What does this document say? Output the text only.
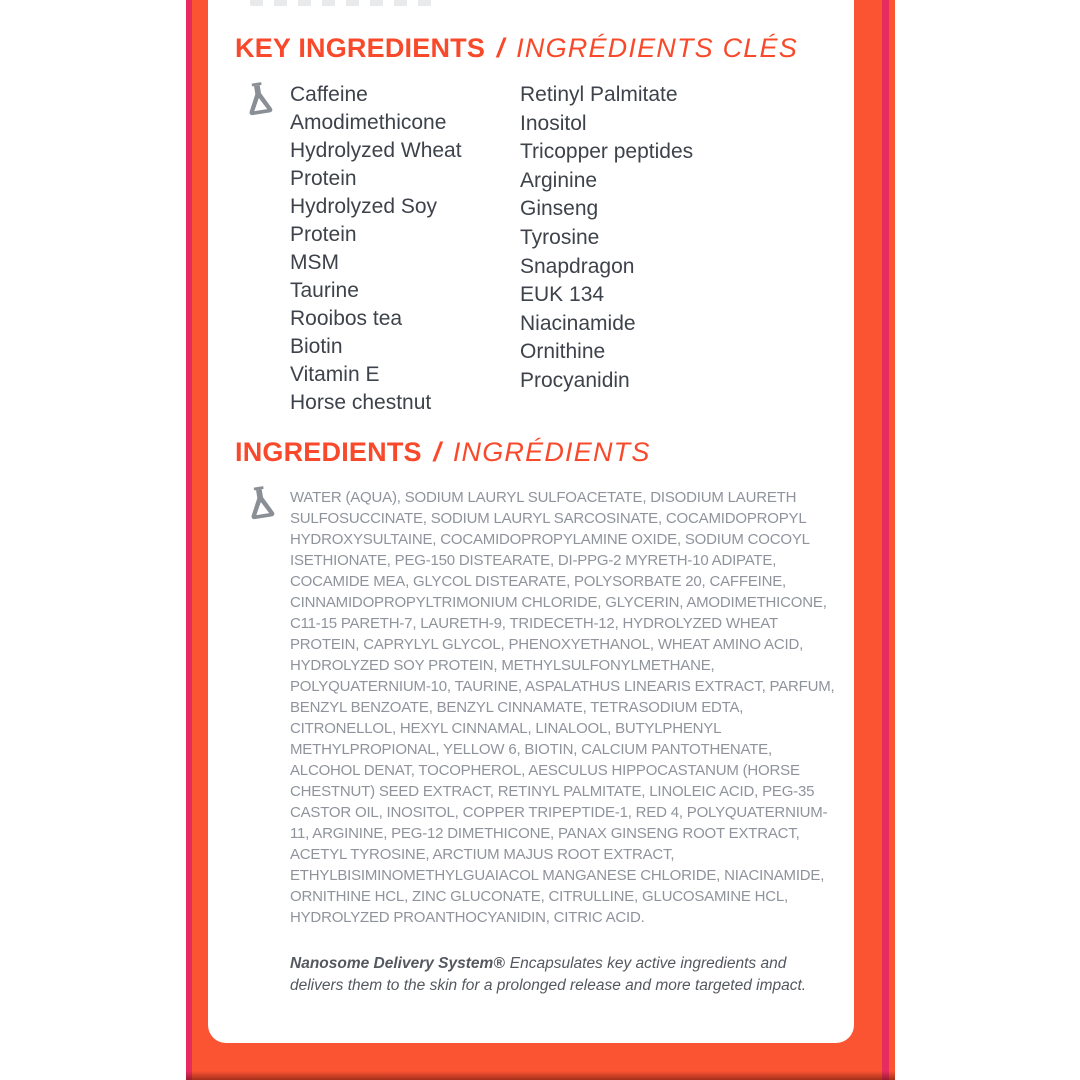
KEY INGREDIENTS / INGRÉDIENTS CLÉS
Caffeine
Amodimethicone
Hydrolyzed Wheat Protein
Hydrolyzed Soy Protein
MSM
Taurine
Rooibos tea
Biotin
Vitamin E
Horse chestnut
Retinyl Palmitate
Inositol
Tricopper peptides
Arginine
Ginseng
Tyrosine
Snapdragon
EUK 134
Niacinamide
Ornithine
Procyanidin
INGREDIENTS / INGRÉDIENTS
WATER (AQUA), SODIUM LAURYL SULFOACETATE, DISODIUM LAURETH SULFOSUCCINATE, SODIUM LAURYL SARCOSINATE, COCAMIDOPROPYL HYDROXYSULTAINE, COCAMIDOPROPYLAMINE OXIDE, SODIUM COCOYL ISETHIONATE, PEG-150 DISTEARATE, DI-PPG-2 MYRETH-10 ADIPATE, COCAMIDE MEA, GLYCOL DISTEARATE, POLYSORBATE 20, CAFFEINE, CINNAMIDOPROPYLTRIMONIUM CHLORIDE, GLYCERIN, AMODIMETHICONE, C11-15 PARETH-7, LAURETH-9, TRIDECETH-12, HYDROLYZED WHEAT PROTEIN, CAPRYLYL GLYCOL, PHENOXYETHANOL, WHEAT AMINO ACID, HYDROLYZED SOY PROTEIN, METHYLSULFONYLMETHANE, POLYQUATERNIUM-10, TAURINE, ASPALATHUS LINEARIS EXTRACT, PARFUM, BENZYL BENZOATE, BENZYL CINNAMATE, TETRASODIUM EDTA, CITRONELLOL, HEXYL CINNAMAL, LINALOOL, BUTYLPHENYL METHYLPROPIONAL, YELLOW 6, BIOTIN, CALCIUM PANTOTHENATE, ALCOHOL DENAT, TOCOPHEROL, AESCULUS HIPPOCASTANUM (HORSE CHESTNUT) SEED EXTRACT, RETINYL PALMITATE, LINOLEIC ACID, PEG-35 CASTOR OIL, INOSITOL, COPPER TRIPEPTIDE-1, RED 4, POLYQUATERNIUM-11, ARGININE, PEG-12 DIMETHICONE, PANAX GINSENG ROOT EXTRACT, ACETYL TYROSINE, ARCTIUM MAJUS ROOT EXTRACT, ETHYLBISIMINOMETHYLGUAIACOL MANGANESE CHLORIDE, NIACINAMIDE, ORNITHINE HCL, ZINC GLUCONATE, CITRULLINE, GLUCOSAMINE HCL, HYDROLYZED PROANTHOCYANIDIN, CITRIC ACID.
Nanosome Delivery System® Encapsulates key active ingredients and delivers them to the skin for a prolonged release and more targeted impact.
